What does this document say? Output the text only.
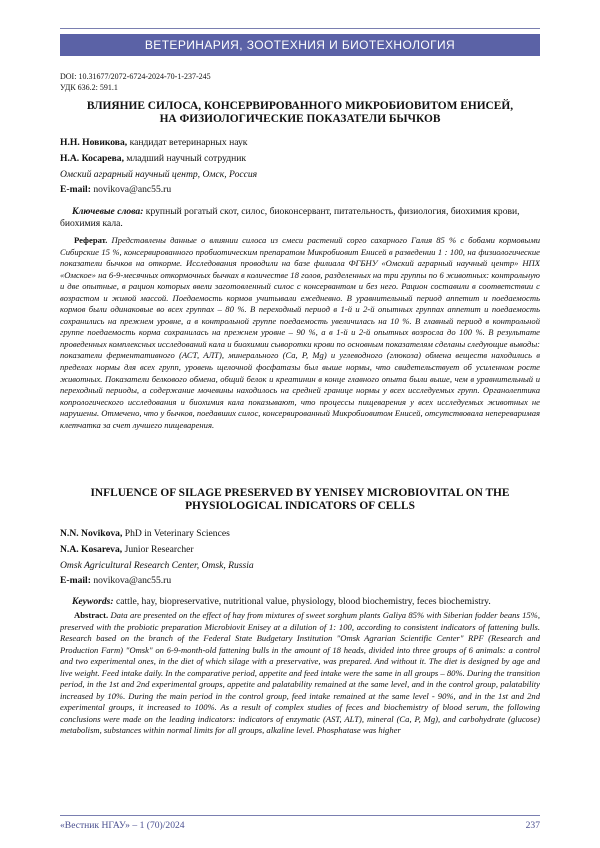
ВЕТЕРИНАРИЯ, ЗООТЕХНИЯ И БИОТЕХНОЛОГИЯ
DOI: 10.31677/2072-6724-2024-70-1-237-245
УДК 636.2: 591.1
ВЛИЯНИЕ СИЛОСА, КОНСЕРВИРОВАННОГО МИКРОБИОВИТОМ ЕНИСЕЙ,
НА ФИЗИОЛОГИЧЕСКИЕ ПОКАЗАТЕЛИ БЫЧКОВ
Н.Н. Новикова, кандидат ветеринарных наук
Н.А. Косарева, младший научный сотрудник
Омский аграрный научный центр, Омск, Россия
E-mail: novikova@anc55.ru

Ключевые слова: крупный рогатый скот, силос, биоконсервант, питательность, физиология, биохимия крови, биохимия кала.

Реферат. Представлены данные о влиянии силоса из смеси растений сорго сахарного Галия 85 % с бобами кормовыми Сибирские 15 %, консервированного пробиотическим препаратом Микробиовит Енисей в разведении 1 : 100, на физиологические показатели бычков на откорме. Исследования проводили на базе филиала ФГБНУ «Омский аграрный научный центр» НПХ «Омское» на 6-9-месячных откормочных бычках в количестве 18 голов, разделенных на три группы по 6 животных: контрольную и две опытные, в рацион которых ввели заготовленный силос с консервантом и без него. Рацион составили в соответствии с возрастом и живой массой. Поедаемость кормов учитывали ежедневно. В уравнительный период аппетит и поедаемость кормов были одинаковые во всех группах – 80 %. В переходный период в 1-й и 2-й опытных группах аппетит и поедаемость сохранились на прежнем уровне, а в контрольной группе поедаемость увеличилась на 10 %. В главный период в контрольной группе поедаемость корма сохранилась на прежнем уровне – 90 %, а в 1-й и 2-й опытных возросла до 100 %. В результате проведенных комплексных исследований кала и биохимии сыворотки крови по основным показателям сделаны следующие выводы: показатели ферментативного (АСТ, АЛТ), минерального (Ca, P, Mg) и углеводного (глюкоза) обмена веществ находились в пределах нормы для всех групп, уровень щелочной фосфатазы был выше нормы, что свидетельствует об усиленном росте животных. Показатели белкового обмена, общий белок и креатинин в конце главного опыта были выше, чем в уравнительный и переходный периоды, а содержание мочевины находилось на средней границе нормы у всех исследуемых групп. Органолептика копрологического исследования и биохимия кала показывают, что процессы пищеварения у всех исследуемых животных не нарушены. Отмечено, что у бычков, поедавших силос, консервированный Микробиовитом Енисей, отсутствовала непереваримая клетчатка за счет лучшего пищеварения.

INFLUENCE OF SILAGE PRESERVED BY YENISEY MICROBIOVITAL ON THE
PHYSIOLOGICAL INDICATORS OF CELLS
N.N. Novikova, PhD in Veterinary Sciences
N.A. Kosareva, Junior Researcher
Omsk Agricultural Research Center, Omsk, Russia
E-mail: novikova@anc55.ru

Keywords: cattle, hay, biopreservative, nutritional value, physiology, blood biochemistry, feces biochemistry.

Abstract. Data are presented on the effect of hay from mixtures of sweet sorghum plants Galiya 85% with Siberian fodder beans 15%, preserved with the probiotic preparation Microbiovit Enisey at a dilution of 1: 100, according to consistent indicators of fattening bulls. Research based on the branch of the Federal State Budgetary Institution "Omsk Agrarian Scientific Center" RPF (Research and Production Farm) "Omsk" on 6-9-month-old fattening bulls in the amount of 18 heads, divided into three groups of 6 animals: a control and two experimental ones, in the diet of which silage with a preservative, was prepared. And without it. The diet is designed by age and live weight. Feed intake daily. In the comparative period, appetite and feed intake were the same in all groups – 80%. During the transition period, in the 1st and 2nd experimental groups, appetite and palatability remained at the same level, and in the control group, palatability increased by 10%. During the main period in the control group, feed intake remained at the same level - 90%, and in the 1st and 2nd experimental groups, it increased to 100%. As a result of complex studies of feces and biochemistry of blood serum, the following conclusions were made on the leading indicators: indicators of enzymatic (AST, ALT), mineral (Ca, P, Mg), and carbohydrate (glucose) metabolism, substances within normal limits for all groups, alkaline level. Phosphatase was higher

«Вестник НГАУ» – 1 (70)/2024	237
